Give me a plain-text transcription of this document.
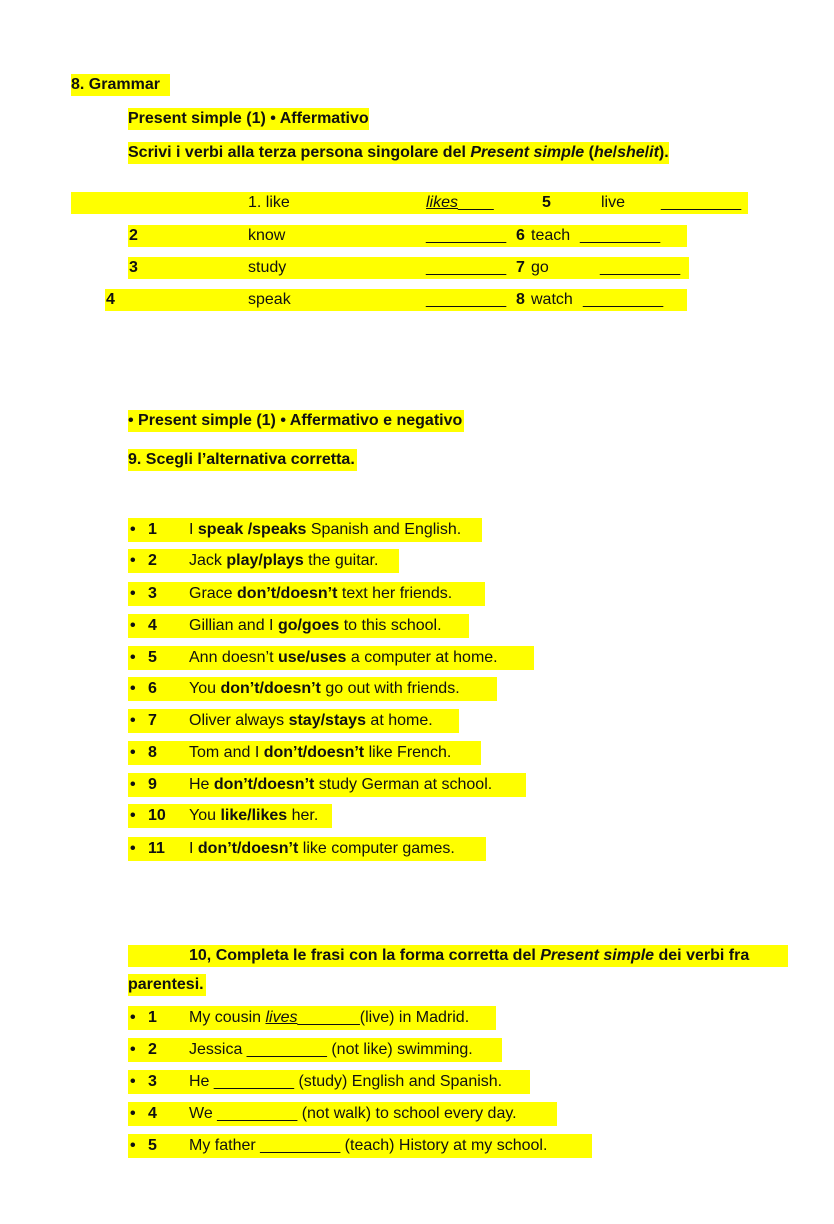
8. Grammar
Present simple (1) • Affermativo
Scrivi i verbi alla terza persona singolare del Present simple (he/she/it).
1. like	likes____	5	live _________
2	know	_________ 6 teach _________
3	study	_________ 7 go	_________
4	speak	_________ 8 watch _________
• Present simple (1) • Affermativo e negativo
9. Scegli l’alternativa corretta.
• 1 I speak /speaks Spanish and English.
• 2 Jack play/plays the guitar.
• 3 Grace don’t/doesn’t text her friends.
• 4 Gillian and I go/goes to this school.
• 5 Ann doesn’t use/uses a computer at home.
• 6 You don’t/doesn’t go out with friends.
• 7 Oliver always stay/stays at home.
• 8 Tom and I don’t/doesn’t like French.
• 9 He don’t/doesn’t study German at school.
• 10 You like/likes her.
• 11 I don’t/doesn’t like computer games.
10, Completa le frasi con la forma corretta del Present simple dei verbi fra
parentesi.
• 1 My cousin lives_______(live) in Madrid.
• 2 Jessica _________ (not like) swimming.
• 3 He _________ (study) English and Spanish.
• 4 We _________ (not walk) to school every day.
• 5 My father _________ (teach) History at my school.
